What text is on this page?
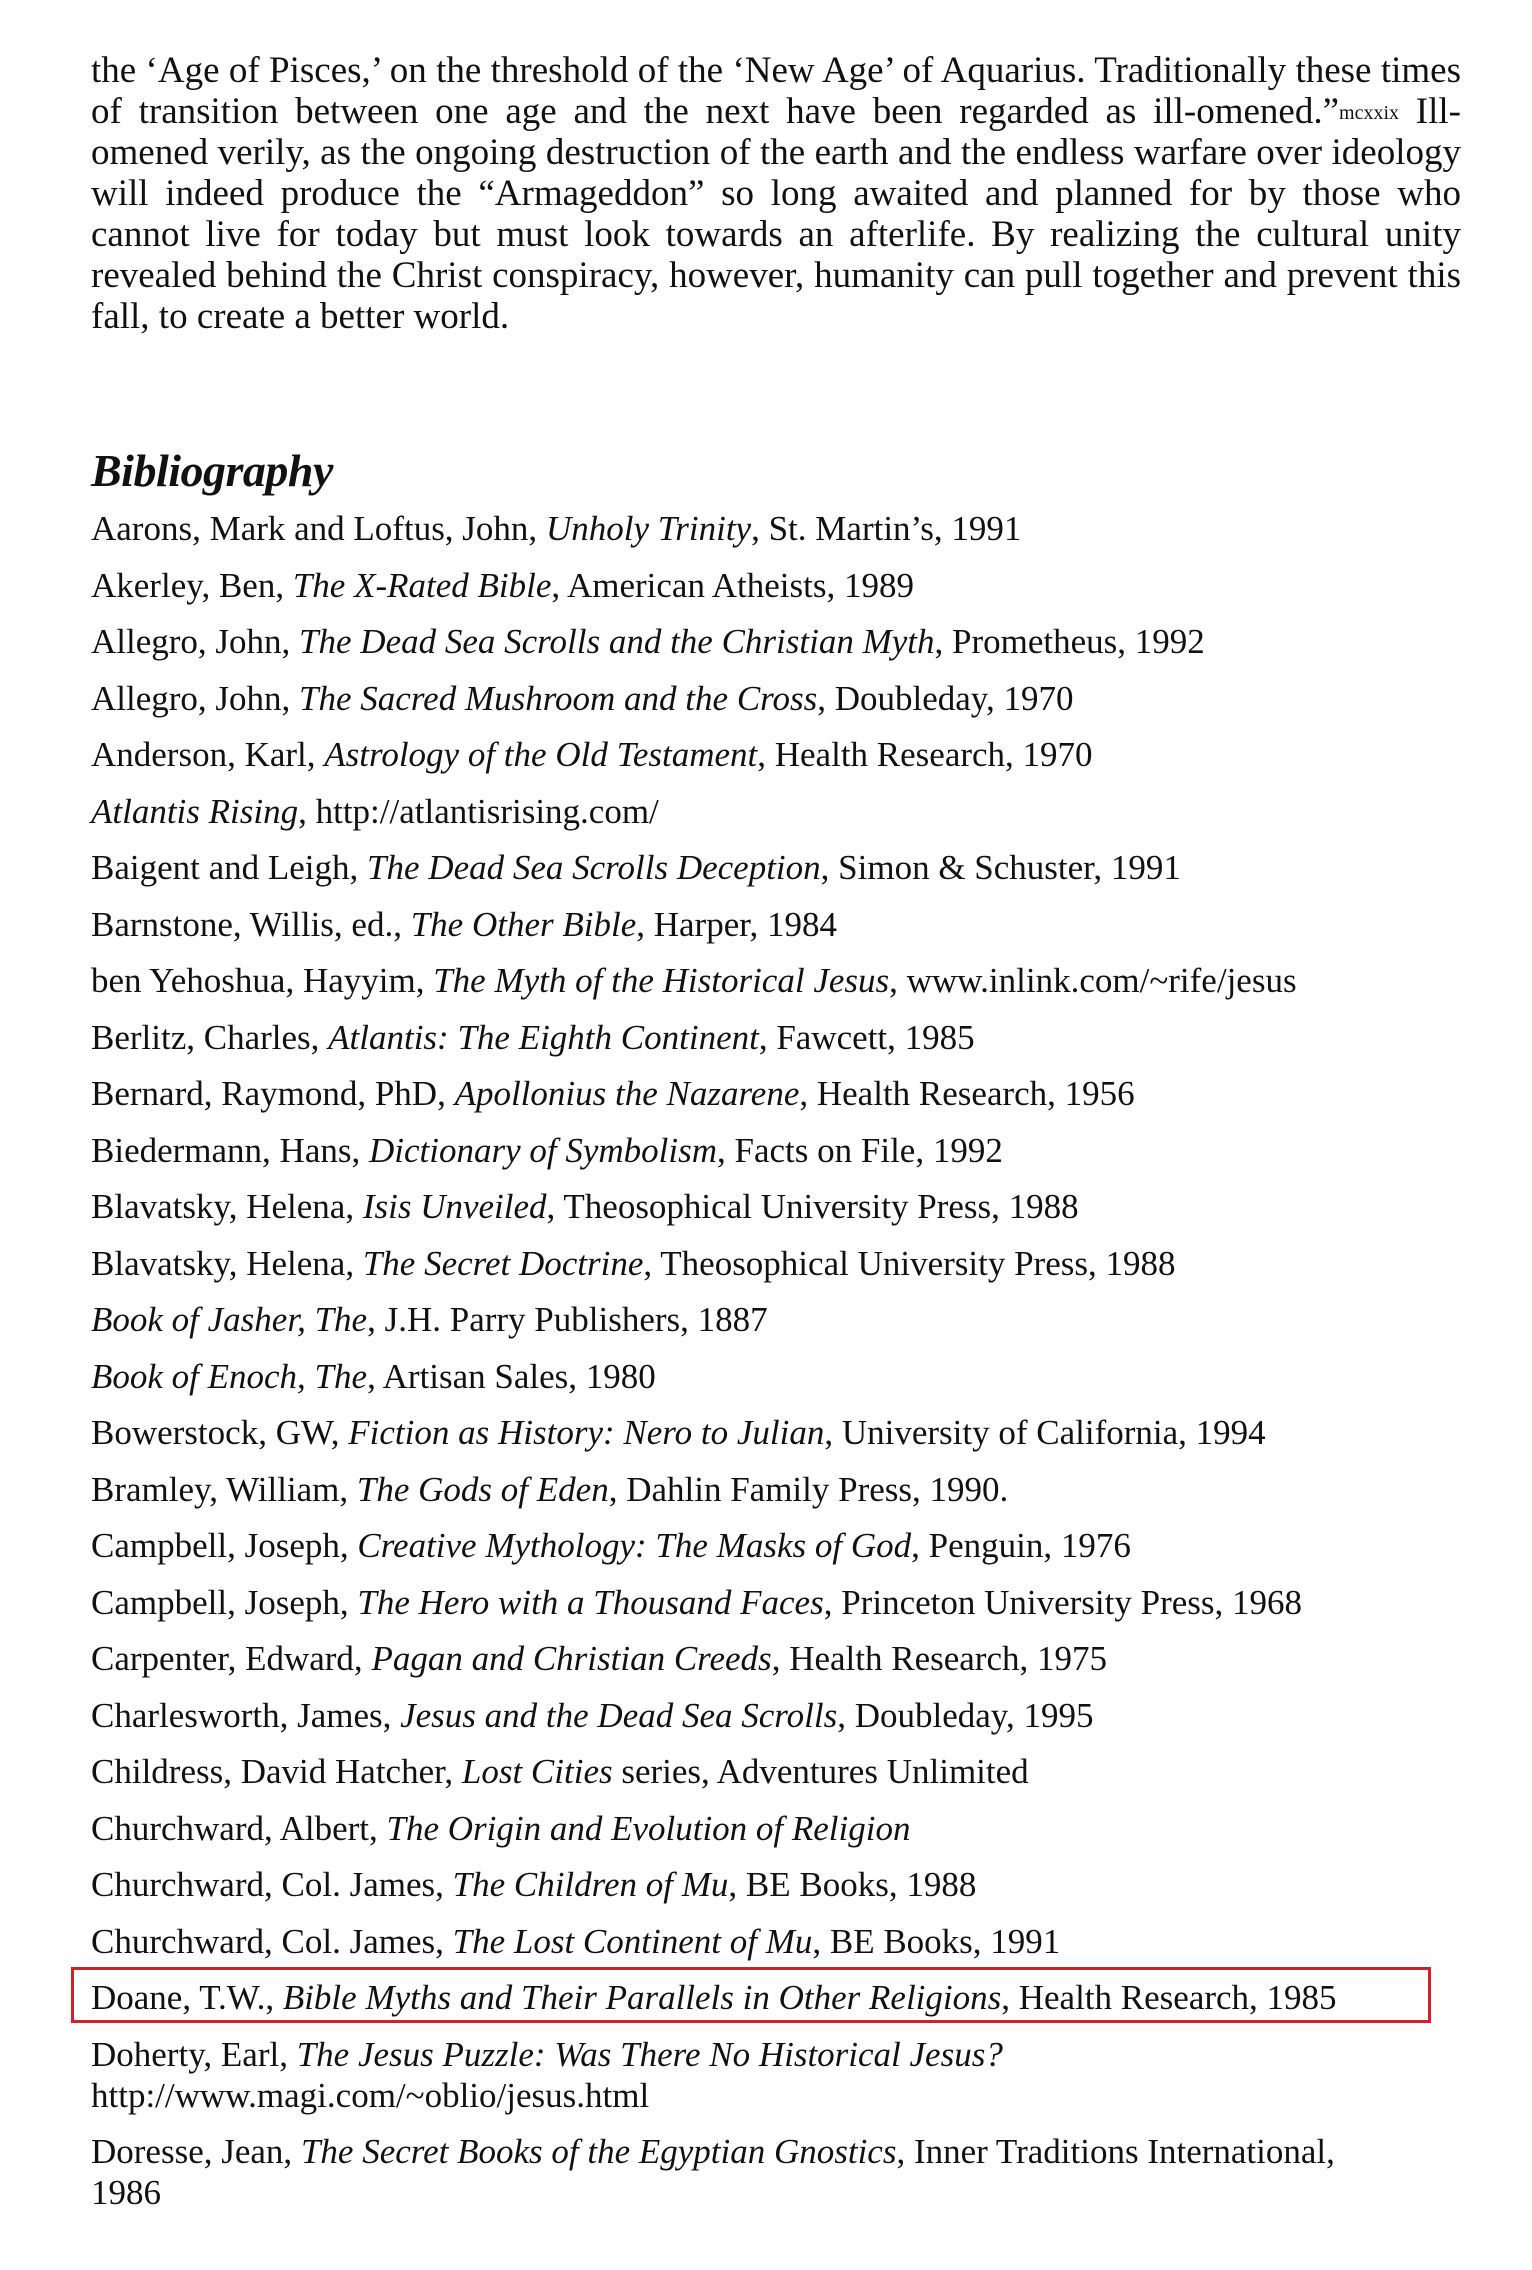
the ‘Age of Pisces,’ on the threshold of the ‘New Age’ of Aquarius. Traditionally these times of transition between one age and the next have been regarded as ill-omened.”$^{mcxxix}$ Ill-omened verily, as the ongoing destruction of the earth and the endless warfare over ideology will indeed produce the “Armageddon” so long awaited and planned for by those who cannot live for today but must look towards an afterlife. By realizing the cultural unity revealed behind the Christ conspiracy, however, humanity can pull together and prevent this fall, to create a better world.

Bibliography
Aarons, Mark and Loftus, John, Unholy Trinity, St. Martin’s, 1991
Akerley, Ben, The X-Rated Bible, American Atheists, 1989
Allegro, John, The Dead Sea Scrolls and the Christian Myth, Prometheus, 1992
Allegro, John, The Sacred Mushroom and the Cross, Doubleday, 1970
Anderson, Karl, Astrology of the Old Testament, Health Research, 1970
Atlantis Rising, http://atlantisrising.com/
Baigent and Leigh, The Dead Sea Scrolls Deception, Simon & Schuster, 1991
Barnstone, Willis, ed., The Other Bible, Harper, 1984
ben Yehoshua, Hayyim, The Myth of the Historical Jesus, www.inlink.com/~rife/jesus
Berlitz, Charles, Atlantis: The Eighth Continent, Fawcett, 1985
Bernard, Raymond, PhD, Apollonius the Nazarene, Health Research, 1956
Biedermann, Hans, Dictionary of Symbolism, Facts on File, 1992
Blavatsky, Helena, Isis Unveiled, Theosophical University Press, 1988
Blavatsky, Helena, The Secret Doctrine, Theosophical University Press, 1988
Book of Jasher, The, J.H. Parry Publishers, 1887
Book of Enoch, The, Artisan Sales, 1980
Bowerstock, GW, Fiction as History: Nero to Julian, University of California, 1994
Bramley, William, The Gods of Eden, Dahlin Family Press, 1990.
Campbell, Joseph, Creative Mythology: The Masks of God, Penguin, 1976
Campbell, Joseph, The Hero with a Thousand Faces, Princeton University Press, 1968
Carpenter, Edward, Pagan and Christian Creeds, Health Research, 1975
Charlesworth, James, Jesus and the Dead Sea Scrolls, Doubleday, 1995
Childress, David Hatcher, Lost Cities series, Adventures Unlimited
Churchward, Albert, The Origin and Evolution of Religion
Churchward, Col. James, The Children of Mu, BE Books, 1988
Churchward, Col. James, The Lost Continent of Mu, BE Books, 1991
Doane, T.W., Bible Myths and Their Parallels in Other Religions, Health Research, 1985
Doherty, Earl, The Jesus Puzzle: Was There No Historical Jesus?
http://www.magi.com/~oblio/jesus.html
Doresse, Jean, The Secret Books of the Egyptian Gnostics, Inner Traditions International,
1986
